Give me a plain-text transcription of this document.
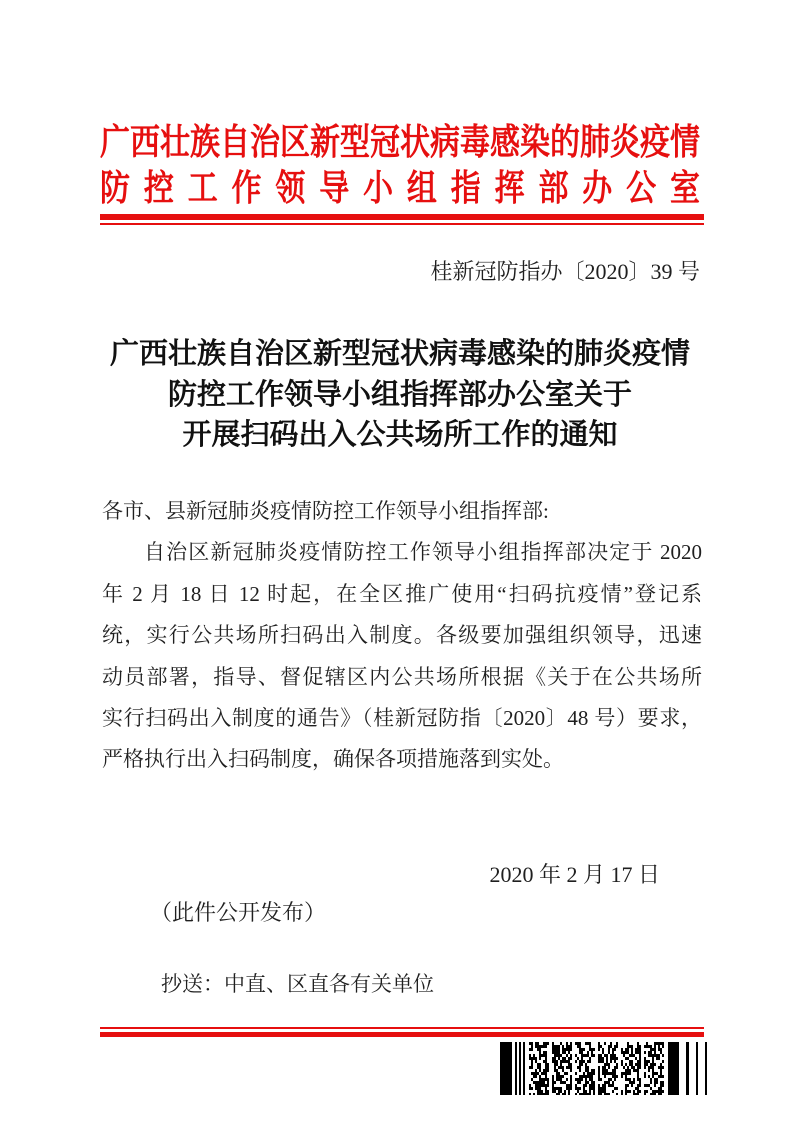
广西壮族自治区新型冠状病毒感染的肺炎疫情
防控工作领导小组指挥部办公室
桂新冠防指办〔2020〕39 号
广西壮族自治区新型冠状病毒感染的肺炎疫情
防控工作领导小组指挥部办公室关于
开展扫码出入公共场所工作的通知
各市、县新冠肺炎疫情防控工作领导小组指挥部:
自治区新冠肺炎疫情防控工作领导小组指挥部决定于 2020
年 2 月 18 日 12 时起，在全区推广使用“扫码抗疫情”登记系
统，实行公共场所扫码出入制度。各级要加强组织领导，迅速
动员部署，指导、督促辖区内公共场所根据《关于在公共场所
实行扫码出入制度的通告》（桂新冠防指〔2020〕48 号）要求，
严格执行出入扫码制度，确保各项措施落到实处。
2020 年 2 月 17 日
（此件公开发布）
抄送：中直、区直各有关单位
